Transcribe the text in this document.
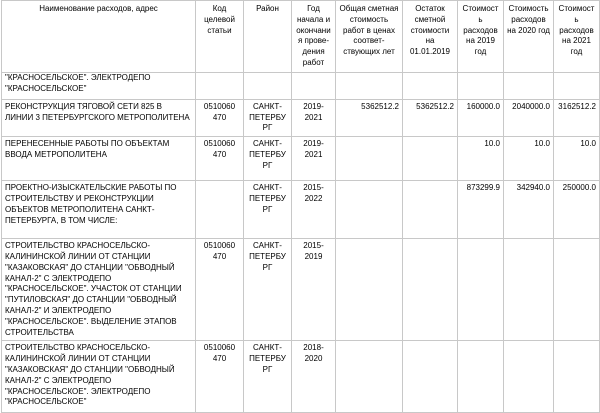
Наименование расходов, адрес	Код целевой статьи	Район	Год начала и окончания прове- дения работ	Общая сметная стоимость работ в ценах соответ- ствующих лет	Остаток сметной стоимости на 01.01.2019	Стоимость расходов на 2019 год	Стоимость расходов на 2020 год	Стоимость расходов на 2021 год
"КРАСНОСЕЛЬСКОЕ". ЭЛЕКТРОДЕПО "КРАСНОСЕЛЬСКОЕ"								
РЕКОНСТРУКЦИЯ ТЯГОВОЙ СЕТИ 825 В ЛИНИИ 3 ПЕТЕРБУРГСКОГО МЕТРОПОЛИТЕНА	0510060 470	САНКТ- ПЕТЕРБУ РГ	2019-2021	5362512.2	5362512.2	160000.0	2040000.0	3162512.2
ПЕРЕНЕСЕННЫЕ РАБОТЫ ПО ОБЪЕКТАМ ВВОДА МЕТРОПОЛИТЕНА	0510060 470	САНКТ- ПЕТЕРБУ РГ	2019-2021			10.0	10.0	10.0
ПРОЕКТНО-ИЗЫСКАТЕЛЬСКИЕ РАБОТЫ ПО СТРОИТЕЛЬСТВУ И РЕКОНСТРУКЦИИ ОБЪЕКТОВ МЕТРОПОЛИТЕНА САНКТ-ПЕТЕРБУРГА, В ТОМ ЧИСЛЕ:		САНКТ- ПЕТЕРБУ РГ	2015-2022			873299.9	342940.0	250000.0
СТРОИТЕЛЬСТВО КРАСНОСЕЛЬСКО-КАЛИНИНСКОЙ ЛИНИИ ОТ СТАНЦИИ "КАЗАКОВСКАЯ" ДО СТАНЦИИ "ОБВОДНЫЙ КАНАЛ-2" С ЭЛЕКТРОДЕПО "КРАСНОСЕЛЬСКОЕ". УЧАСТОК ОТ СТАНЦИИ "ПУТИЛОВСКАЯ" ДО СТАНЦИИ "ОБВОДНЫЙ КАНАЛ-2" И ЭЛЕКТРОДЕПО "КРАСНОСЕЛЬСКОЕ". ВЫДЕЛЕНИЕ ЭТАПОВ СТРОИТЕЛЬСТВА	0510060 470	САНКТ- ПЕТЕРБУ РГ	2015-2019					
СТРОИТЕЛЬСТВО КРАСНОСЕЛЬСКО-КАЛИНИНСКОЙ ЛИНИИ ОТ СТАНЦИИ "КАЗАКОВСКАЯ" ДО СТАНЦИИ "ОБВОДНЫЙ КАНАЛ-2" С ЭЛЕКТРОДЕПО "КРАСНОСЕЛЬСКОЕ". ЭЛЕКТРОДЕПО "КРАСНОСЕЛЬСКОЕ"	0510060 470	САНКТ- ПЕТЕРБУ РГ	2018-2020					
